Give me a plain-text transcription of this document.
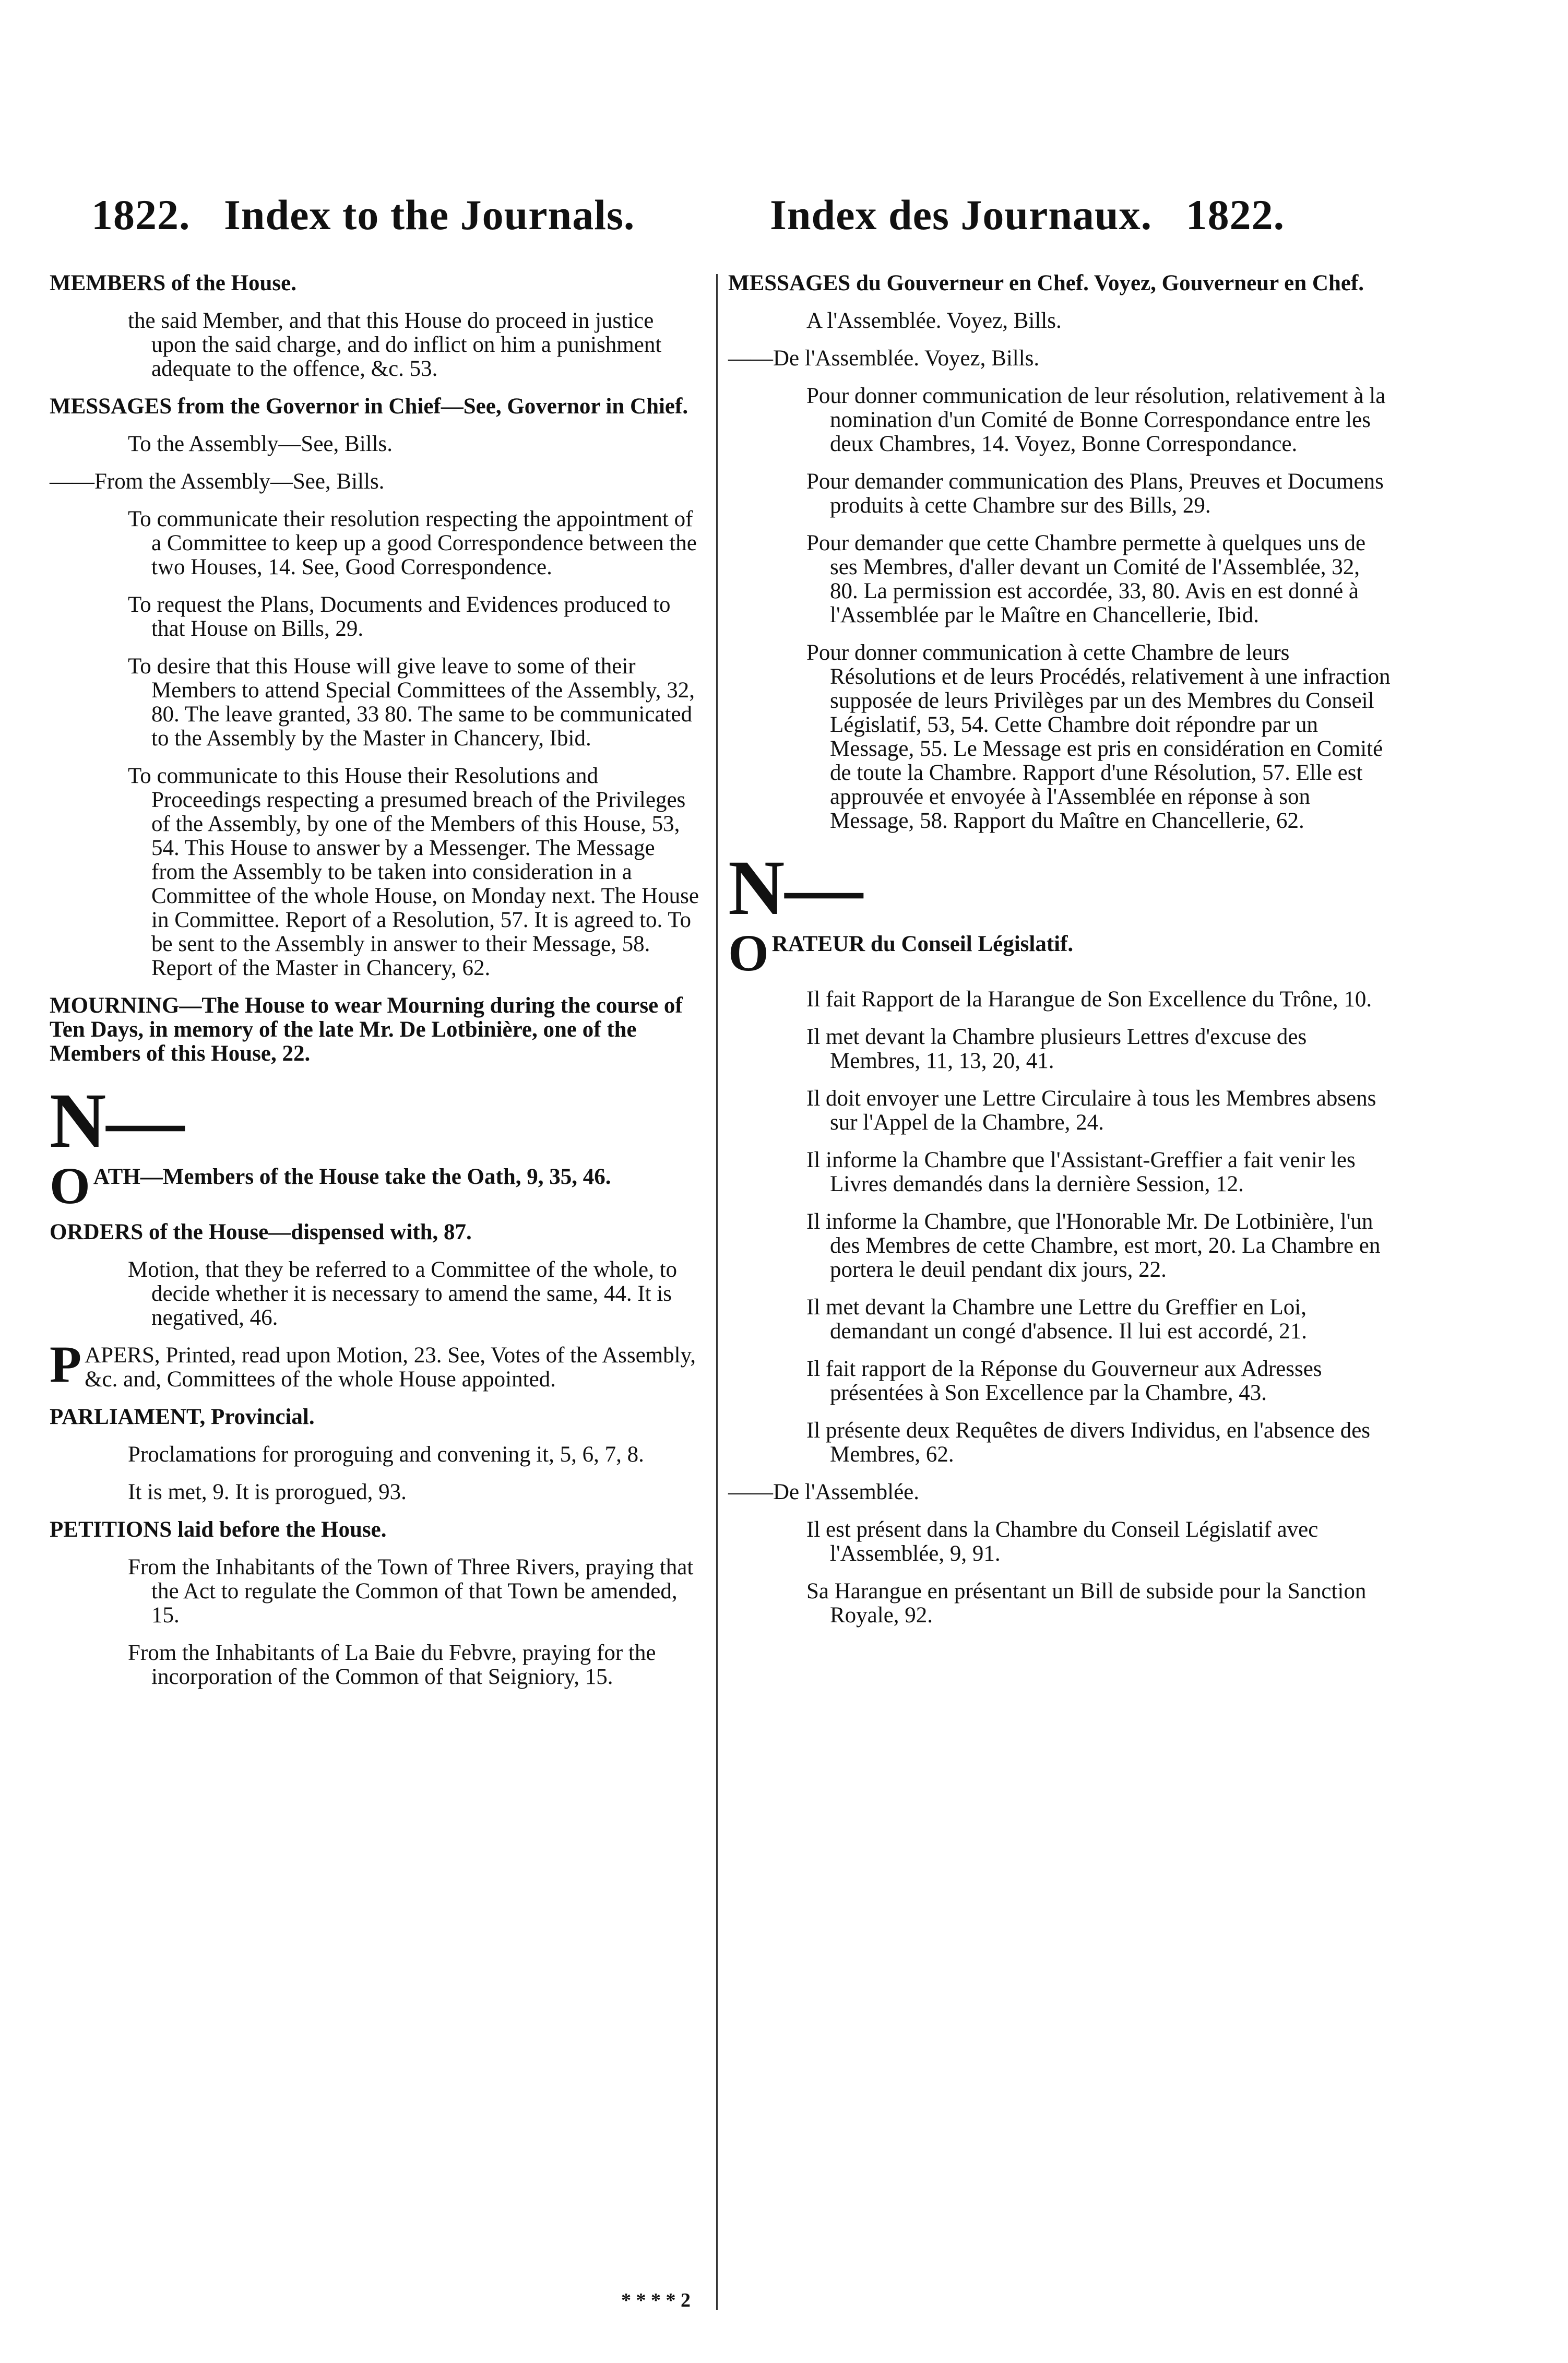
1822. Index to the Journals.	Index des Journaux. 1822.
MEMBERS of the House.
the said Member, and that this House do proceed in justice upon the said charge, and do inflict on him a punishment adequate to the offence, &c. 53.
MESSAGES from the Governor in Chief—See, Governor in Chief.
To the Assembly—See, Bills.
——From the Assembly—See, Bills.
To communicate their resolution respecting the appointment of a Committee to keep up a good Correspondence between the two Houses, 14. See, Good Correspondence.
To request the Plans, Documents and Evidences produced to that House on Bills, 29.
To desire that this House will give leave to some of their Members to attend Special Committees of the Assembly, 32, 80. The leave granted, 33 80. The same to be communicated to the Assembly by the Master in Chancery, Ibid.
To communicate to this House their Resolutions and Proceedings respecting a presumed breach of the Privileges of the Assembly, by one of the Members of this House, 53, 54. This House to answer by a Messenger. The Message from the Assembly to be taken into consideration in a Committee of the whole House, on Monday next. The House in Committee. Report of a Resolution, 57. It is agreed to. To be sent to the Assembly in answer to their Message, 58. Report of the Master in Chancery, 62.
MOURNING—The House to wear Mourning during the course of Ten Days, in memory of the late Mr. De Lotbinière, one of the Members of this House, 22.
N—
O ATH—Members of the House take the Oath, 9, 35, 46.
ORDERS of the House—dispensed with, 87.
Motion, that they be referred to a Committee of the whole, to decide whether it is necessary to amend the same, 44. It is negatived, 46.
P APERS, Printed, read upon Motion, 23. See, Votes of the Assembly, &c. and, Committees of the whole House appointed.
PARLIAMENT, Provincial.
Proclamations for proroguing and convening it, 5, 6, 7, 8.
It is met, 9. It is prorogued, 93.
PETITIONS laid before the House.
From the Inhabitants of the Town of Three Rivers, praying that the Act to regulate the Common of that Town be amended, 15.
From the Inhabitants of La Baie du Febvre, praying for the incorporation of the Common of that Seigniory, 15.
* * * * 2
MESSAGES du Gouverneur en Chef. Voyez, Gouverneur en Chef.
A l'Assemblée. Voyez, Bills.
——De l'Assemblée. Voyez, Bills.
Pour donner communication de leur résolution, relativement à la nomination d'un Comité de Bonne Correspondance entre les deux Chambres, 14. Voyez, Bonne Correspondance.
Pour demander communication des Plans, Preuves et Documens produits à cette Chambre sur des Bills, 29.
Pour demander que cette Chambre permette à quelques uns de ses Membres, d'aller devant un Comité de l'Assemblée, 32, 80. La permission est accordée, 33, 80. Avis en est donné à l'Assemblée par le Maître en Chancellerie, Ibid.
Pour donner communication à cette Chambre de leurs Résolutions et de leurs Procédés, relativement à une infraction supposée de leurs Privilèges par un des Membres du Conseil Législatif, 53, 54. Cette Chambre doit répondre par un Message, 55. Le Message est pris en considération en Comité de toute la Chambre. Rapport d'une Résolution, 57. Elle est approuvée et envoyée à l'Assemblée en réponse à son Message, 58. Rapport du Maître en Chancellerie, 62.
N—
O RATEUR du Conseil Législatif.
Il fait Rapport de la Harangue de Son Excellence du Trône, 10.
Il met devant la Chambre plusieurs Lettres d'excuse des Membres, 11, 13, 20, 41.
Il doit envoyer une Lettre Circulaire à tous les Membres absens sur l'Appel de la Chambre, 24.
Il informe la Chambre que l'Assistant-Greffier a fait venir les Livres demandés dans la dernière Session, 12.
Il informe la Chambre, que l'Honorable Mr. De Lotbinière, l'un des Membres de cette Chambre, est mort, 20. La Chambre en portera le deuil pendant dix jours, 22.
Il met devant la Chambre une Lettre du Greffier en Loi, demandant un congé d'absence. Il lui est accordé, 21.
Il fait rapport de la Réponse du Gouverneur aux Adresses présentées à Son Excellence par la Chambre, 43.
Il présente deux Requêtes de divers Individus, en l'absence des Membres, 62.
——De l'Assemblée.
Il est présent dans la Chambre du Conseil Législatif avec l'Assemblée, 9, 91.
Sa Harangue en présentant un Bill de subside pour la Sanction Royale, 92.
